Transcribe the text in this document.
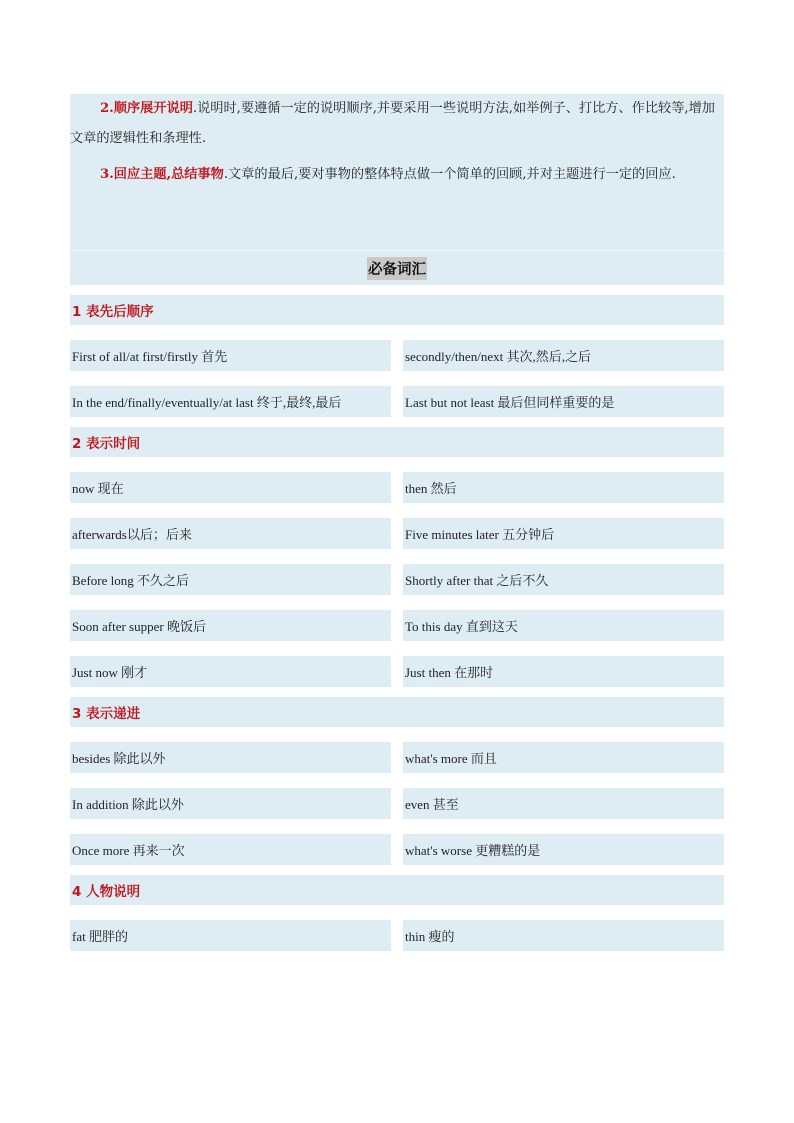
2.顺序展开说明.说明时,要遵循一定的说明顺序,并要采用一些说明方法,如举例子、打比方、作比较等,增加文章的逻辑性和条理性.

3.回应主题,总结事物.文章的最后,要对事物的整体特点做一个简单的回顾,并对主题进行一定的回应.

必备词汇
1 表先后顺序
First of all/at first/firstly 首先	secondly/then/next 其次,然后,之后
In the end/finally/eventually/at last 终于,最终,最后	Last but not least 最后但同样重要的是
2 表示时间
now 现在	then 然后
afterwards以后；后来	Five minutes later 五分钟后
Before long 不久之后	Shortly after that 之后不久
Soon after supper 晚饭后	To this day 直到这天
Just now 刚才	Just then 在那时
3 表示递进
besides 除此以外	what's more 而且
In addition 除此以外	even 甚至
Once more 再来一次	what's worse 更糟糕的是
4 人物说明
fat 肥胖的	thin 瘦的
